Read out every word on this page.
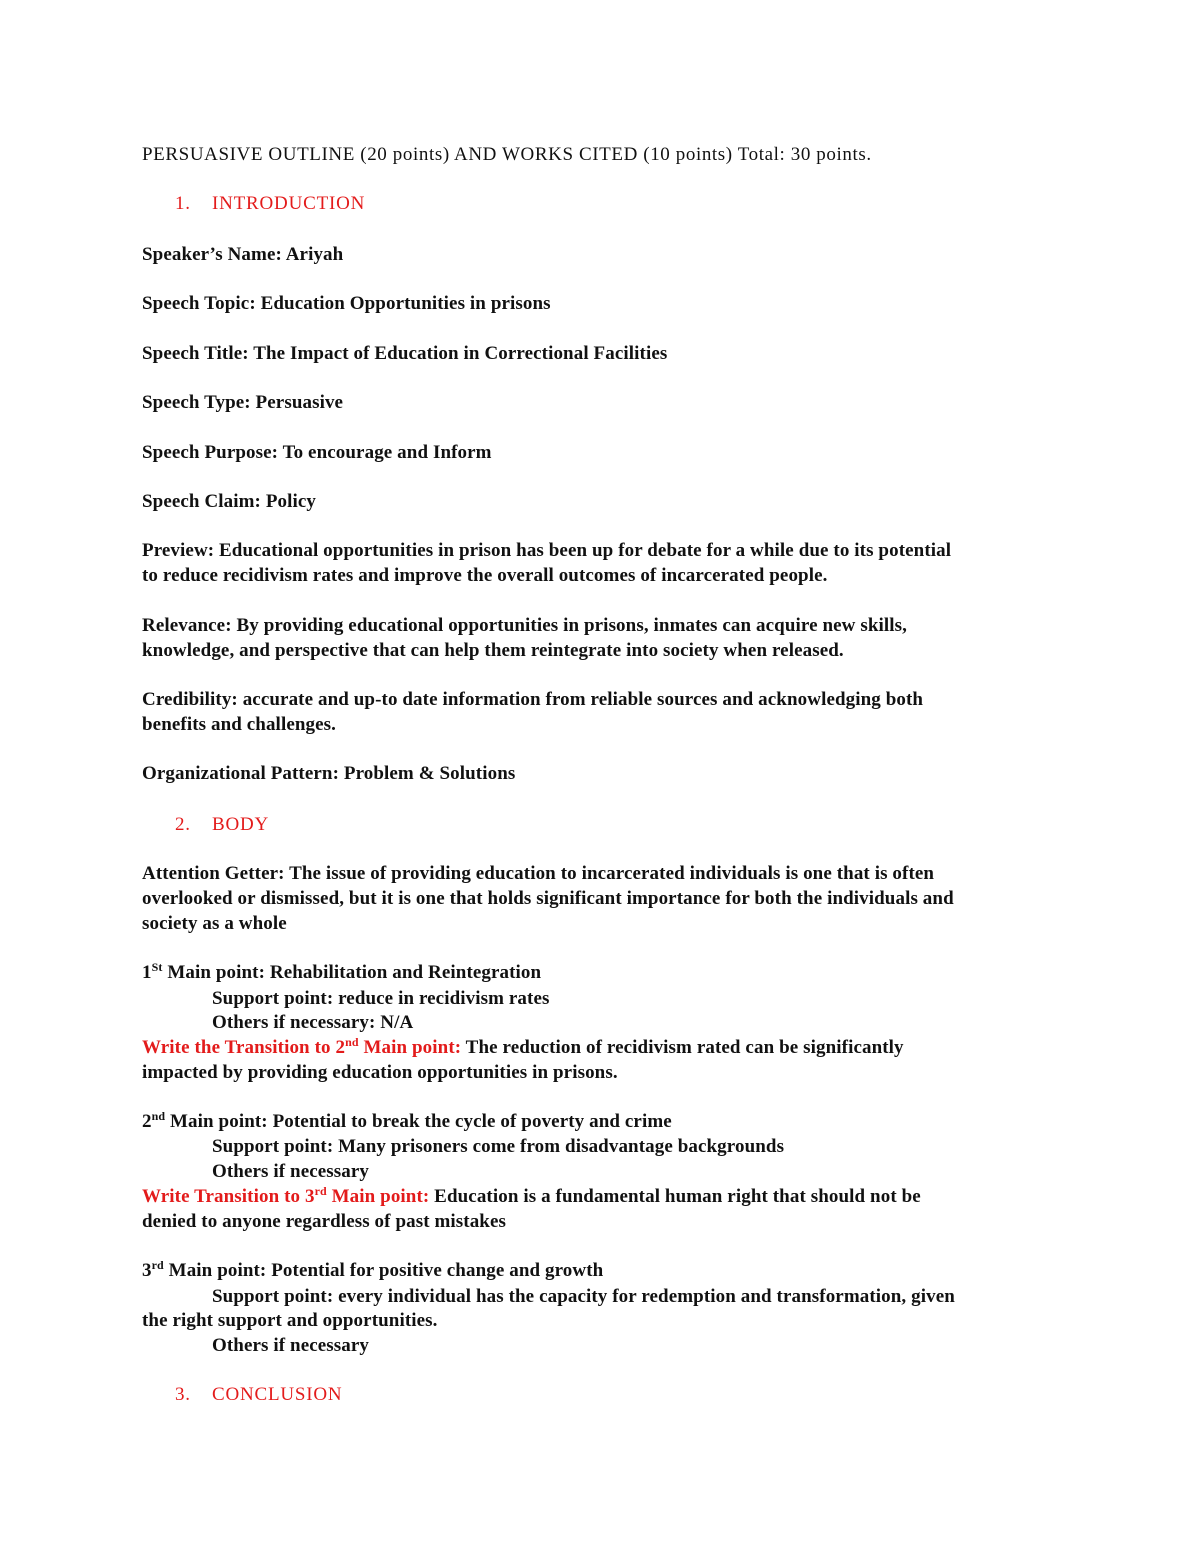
PERSUASIVE OUTLINE (20 points) AND WORKS CITED (10 points) Total: 30 points.
1. INTRODUCTION
Speaker’s Name: Ariyah
Speech Topic: Education Opportunities in prisons
Speech Title: The Impact of Education in Correctional Facilities
Speech Type: Persuasive
Speech Purpose: To encourage and Inform
Speech Claim: Policy
Preview: Educational opportunities in prison has been up for debate for a while due to its potential
to reduce recidivism rates and improve the overall outcomes of incarcerated people.
Relevance: By providing educational opportunities in prisons, inmates can acquire new skills,
knowledge, and perspective that can help them reintegrate into society when released.
Credibility: accurate and up-to date information from reliable sources and acknowledging both
benefits and challenges.
Organizational Pattern: Problem & Solutions
2. BODY
Attention Getter: The issue of providing education to incarcerated individuals is one that is often
overlooked or dismissed, but it is one that holds significant importance for both the individuals and
society as a whole
1St Main point: Rehabilitation and Reintegration
Support point: reduce in recidivism rates
Others if necessary: N/A
Write the Transition to 2nd Main point: The reduction of recidivism rated can be significantly
impacted by providing education opportunities in prisons.
2nd Main point: Potential to break the cycle of poverty and crime
Support point: Many prisoners come from disadvantage backgrounds
Others if necessary
Write Transition to 3rd Main point: Education is a fundamental human right that should not be
denied to anyone regardless of past mistakes
3rd Main point: Potential for positive change and growth
Support point: every individual has the capacity for redemption and transformation, given
the right support and opportunities.
Others if necessary
3. CONCLUSION
